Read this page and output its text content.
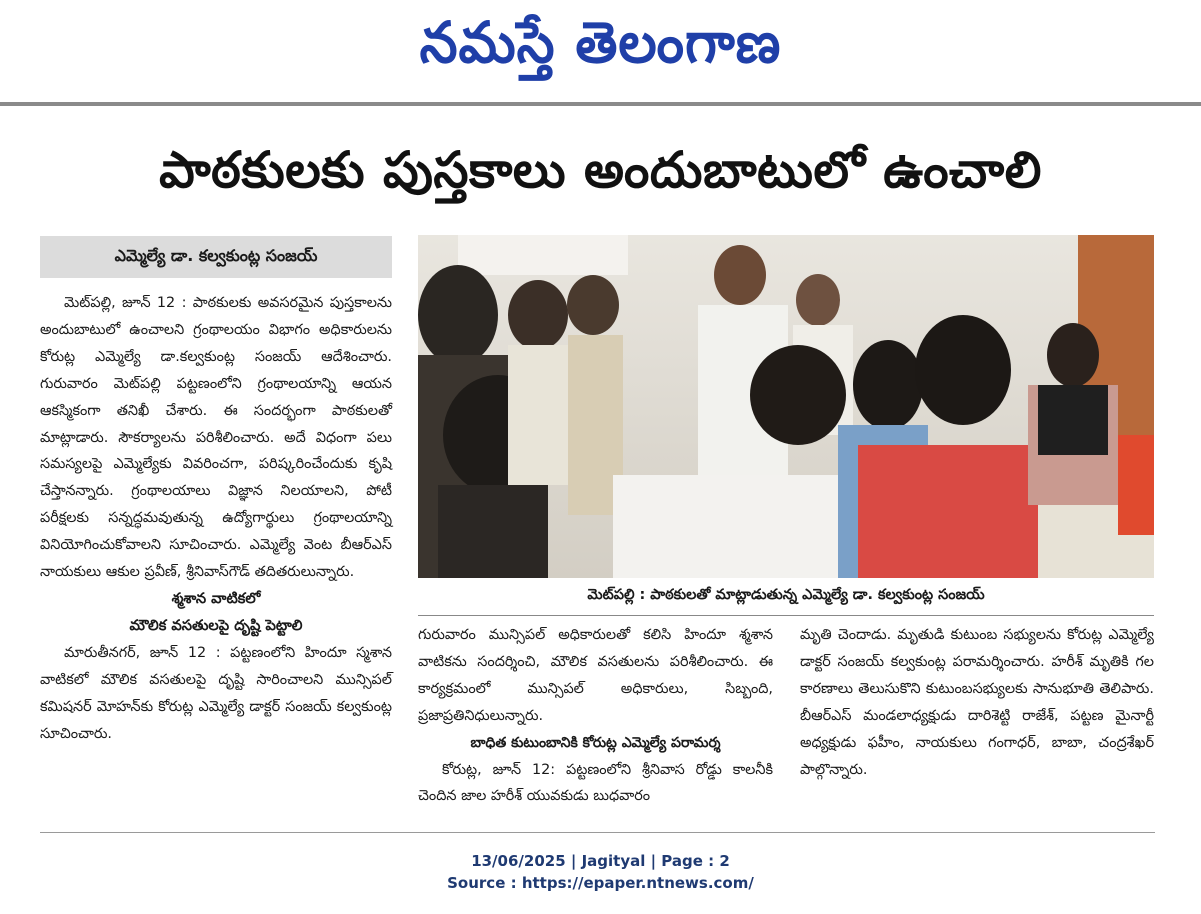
నమస్తే తెలంగాణ
పాఠకులకు పుస్తకాలు అందుబాటులో ఉంచాలి
ఎమ్మెల్యే డా. కల్వకుంట్ల సంజయ్

మెట్‌పల్లి, జూన్ 12 : పాఠకులకు అవసరమైన పుస్తకాలను అందుబాటులో ఉంచాలని గ్రంథాలయం విభాగం అధికారులను కోరుట్ల ఎమ్మెల్యే డా.కల్వకుంట్ల సంజయ్ ఆదేశించారు. గురువారం మెట్‌పల్లి పట్టణంలోని గ్రంథాలయాన్ని ఆయన ఆకస్మికంగా తనిఖీ చేశారు. ఈ సందర్భంగా పాఠకులతో మాట్లాడారు. సౌకర్యాలను పరిశీలించారు. అదే విధంగా పలు సమస్యలపై ఎమ్మెల్యేకు వివరించగా, పరిష్కరించేందుకు కృషి చేస్తానన్నారు. గ్రంథాలయాలు విజ్ఞాన నిలయాలని, పోటీ పరీక్షలకు సన్నద్ధమవుతున్న ఉద్యోగార్థులు గ్రంథాలయాన్ని వినియోగించుకోవాలని సూచించారు. ఎమ్మెల్యే వెంట బీఆర్‌ఎస్ నాయకులు ఆకుల ప్రవీణ్, శ్రీనివాస్‌గౌడ్ తదితరులున్నారు.

శ్మశాన వాటికలో

మౌలిక వసతులపై దృష్టి పెట్టాలి

మారుతీనగర్, జూన్ 12 : పట్టణంలోని హిందూ స్మశాన వాటికలో మౌలిక వసతులపై దృష్టి సారించాలని మున్సిపల్ కమిషనర్ మోహన్‌కు కోరుట్ల ఎమ్మెల్యే డాక్టర్ సంజయ్ కల్వకుంట్ల సూచించారు.

మెట్‌పల్లి : పాఠకులతో మాట్లాడుతున్న ఎమ్మెల్యే డా. కల్వకుంట్ల సంజయ్

గురువారం మున్సిపల్ అధికారులతో కలిసి హిందూ శ్మశాన వాటికను సందర్శించి, మౌలిక వసతులను పరిశీలించారు. ఈ కార్యక్రమంలో మున్సిపల్ అధికారులు, సిబ్బంది, ప్రజాప్రతినిధులున్నారు.

బాధిత కుటుంబానికి కోరుట్ల ఎమ్మెల్యే పరామర్శ

కోరుట్ల, జూన్ 12: పట్టణంలోని శ్రీనివాస రోడ్డు కాలనీకి చెందిన జాల హరీశ్ యువకుడు బుధవారం

మృతి చెందాడు. మృతుడి కుటుంబ సభ్యులను కోరుట్ల ఎమ్మెల్యే డాక్టర్ సంజయ్ కల్వకుంట్ల పరామర్శించారు. హరీశ్ మృతికి గల కారణాలు తెలుసుకొని కుటుంబసభ్యులకు సానుభూతి తెలిపారు. బీఆర్‌ఎస్ మండలాధ్యక్షుడు దారిశెట్టి రాజేశ్, పట్టణ మైనార్టీ అధ్యక్షుడు ఫహీం, నాయకులు గంగాధర్, బాబా, చంద్రశేఖర్ పాల్గొన్నారు.

13/06/2025 | Jagityal | Page : 2
Source : https://epaper.ntnews.com/
